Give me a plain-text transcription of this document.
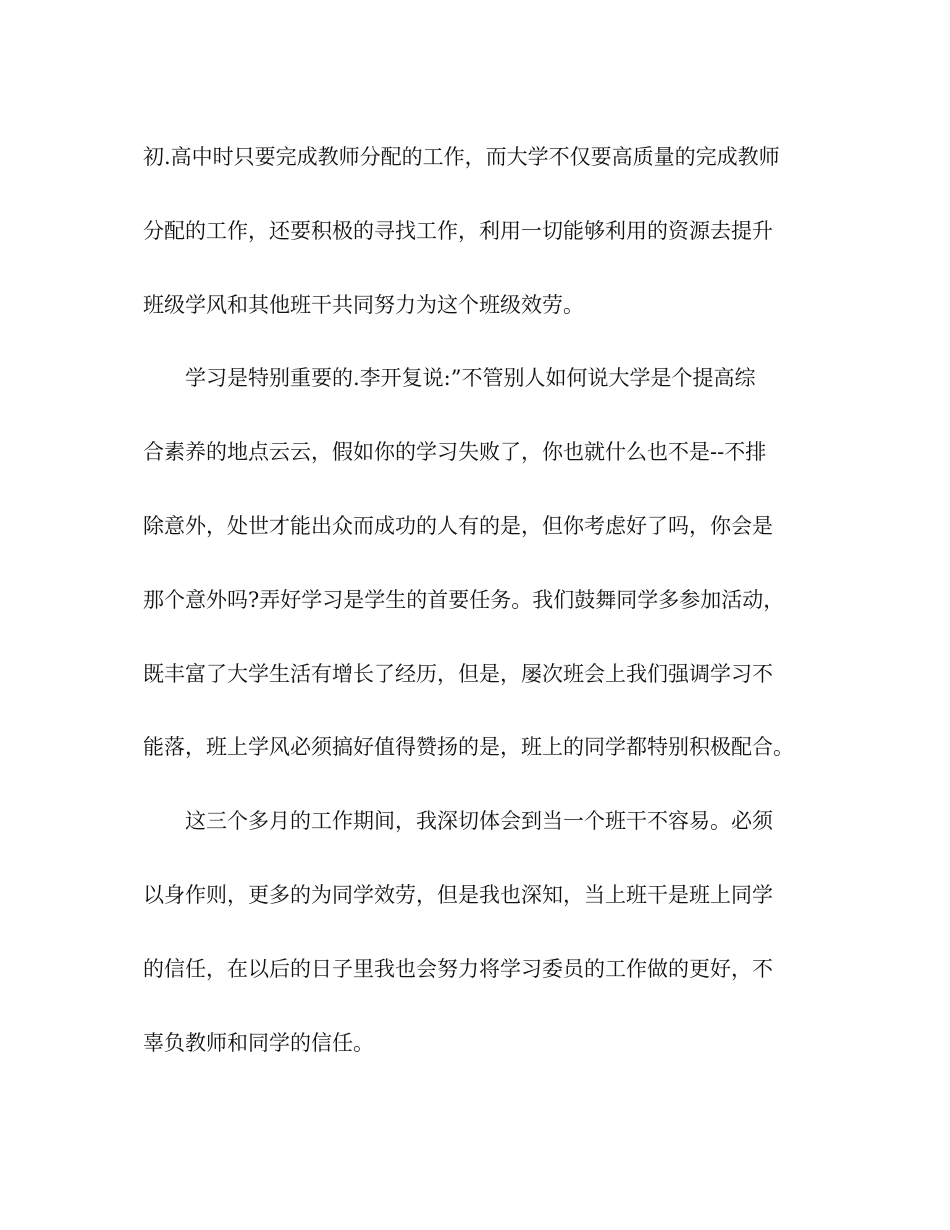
初.高中时只要完成教师分配的工作，而大学不仅要高质量的完成教师
分配的工作，还要积极的寻找工作，利用一切能够利用的资源去提升
班级学风和其他班干共同努力为这个班级效劳。
学习是特别重要的.李开复说:”不管别人如何说大学是个提高综
合素养的地点云云，假如你的学习失败了，你也就什么也不是--不排
除意外，处世才能出众而成功的人有的是，但你考虑好了吗，你会是
那个意外吗?弄好学习是学生的首要任务。我们鼓舞同学多参加活动，
既丰富了大学生活有增长了经历，但是，屡次班会上我们强调学习不
能落，班上学风必须搞好值得赞扬的是，班上的同学都特别积极配合。
这三个多月的工作期间，我深切体会到当一个班干不容易。必须
以身作则，更多的为同学效劳，但是我也深知，当上班干是班上同学
的信任，在以后的日子里我也会努力将学习委员的工作做的更好，不
辜负教师和同学的信任。
